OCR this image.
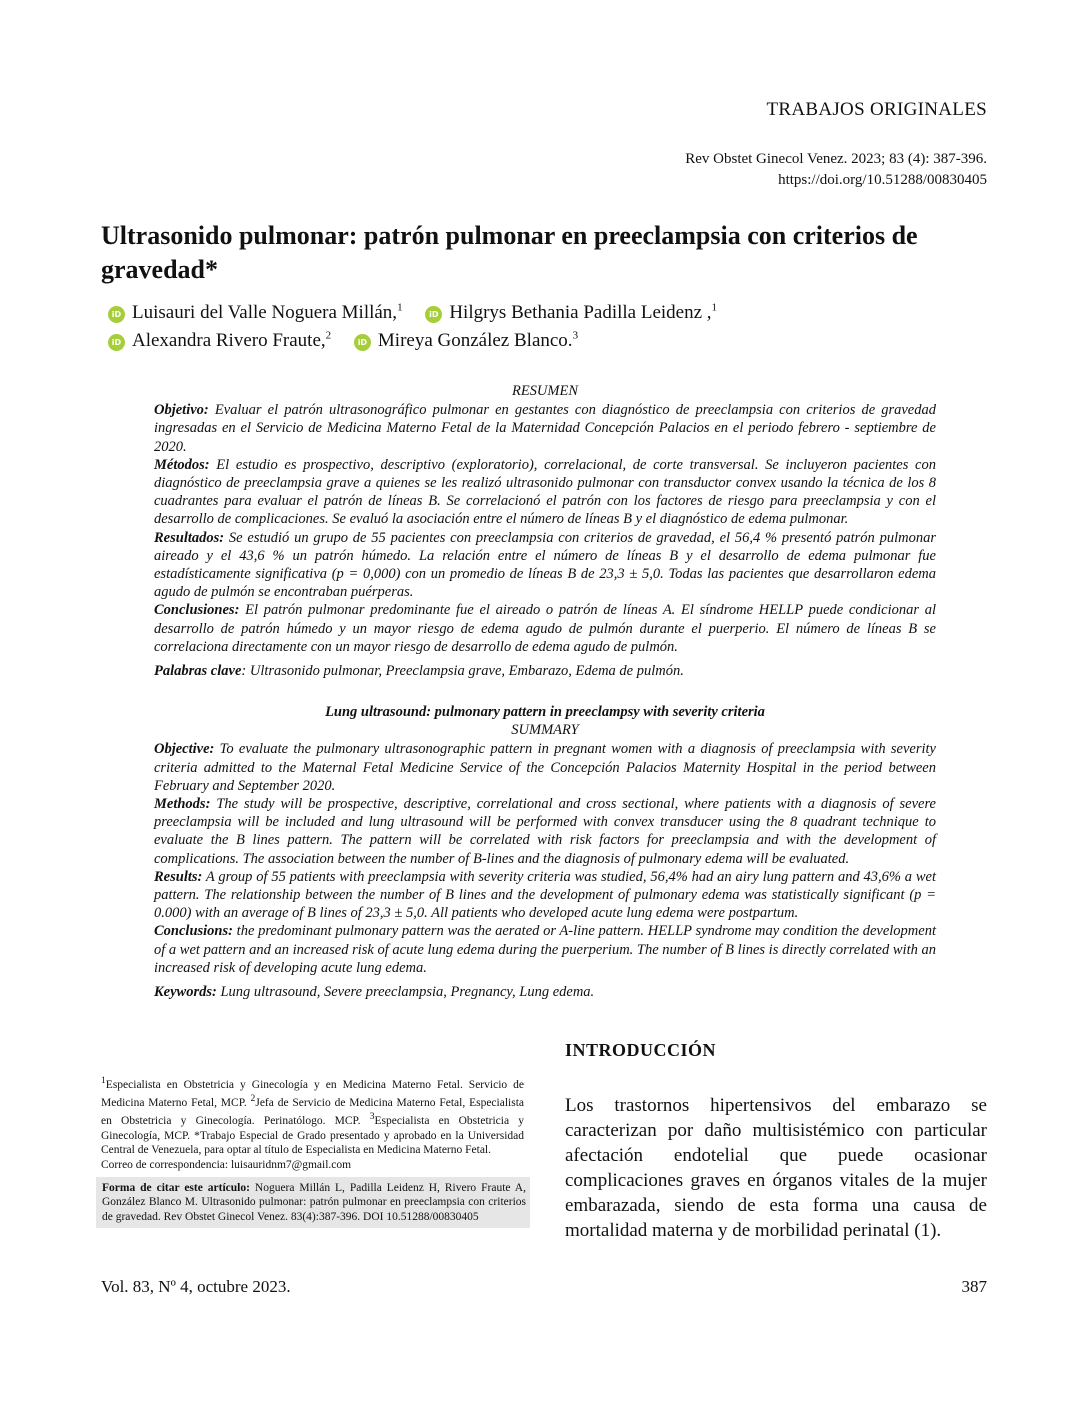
TRABAJOS ORIGINALES
Rev Obstet Ginecol Venez. 2023; 83 (4): 387-396.
https://doi.org/10.51288/00830405
Ultrasonido pulmonar: patrón pulmonar en preeclampsia con criterios de gravedad*
iD Luisauri del Valle Noguera Millán,$^1$ iD Hilgrys Bethania Padilla Leidenz ,$^1$
iD Alexandra Rivero Fraute,$^2$ iD Mireya González Blanco.$^3$

RESUMEN

Objetivo: Evaluar el patrón ultrasonográfico pulmonar en gestantes con diagnóstico de preeclampsia con criterios de gravedad ingresadas en el Servicio de Medicina Materno Fetal de la Maternidad Concepción Palacios en el periodo febrero - septiembre de 2020.

Métodos: El estudio es prospectivo, descriptivo (exploratorio), correlacional, de corte transversal. Se incluyeron pacientes con diagnóstico de preeclampsia grave a quienes se les realizó ultrasonido pulmonar con transductor convex usando la técnica de los 8 cuadrantes para evaluar el patrón de líneas B. Se correlacionó el patrón con los factores de riesgo para preeclampsia y con el desarrollo de complicaciones. Se evaluó la asociación entre el número de líneas B y el diagnóstico de edema pulmonar.

Resultados: Se estudió un grupo de 55 pacientes con preeclampsia con criterios de gravedad, el 56,4 % presentó patrón pulmonar aireado y el 43,6 % un patrón húmedo. La relación entre el número de líneas B y el desarrollo de edema pulmonar fue estadísticamente significativa (p = 0,000) con un promedio de líneas B de 23,3 ± 5,0. Todas las pacientes que desarrollaron edema agudo de pulmón se encontraban puérperas.

Conclusiones: El patrón pulmonar predominante fue el aireado o patrón de líneas A. El síndrome HELLP puede condicionar al desarrollo de patrón húmedo y un mayor riesgo de edema agudo de pulmón durante el puerperio. El número de líneas B se correlaciona directamente con un mayor riesgo de desarrollo de edema agudo de pulmón.

Palabras clave: Ultrasonido pulmonar, Preeclampsia grave, Embarazo, Edema de pulmón.

Lung ultrasound: pulmonary pattern in preeclampsy with severity criteria

SUMMARY

Objective: To evaluate the pulmonary ultrasonographic pattern in pregnant women with a diagnosis of preeclampsia with severity criteria admitted to the Maternal Fetal Medicine Service of the Concepción Palacios Maternity Hospital in the period between February and September 2020.

Methods: The study will be prospective, descriptive, correlational and cross sectional, where patients with a diagnosis of severe preeclampsia will be included and lung ultrasound will be performed with convex transducer using the 8 quadrant technique to evaluate the B lines pattern. The pattern will be correlated with risk factors for preeclampsia and with the development of complications. The association between the number of B-lines and the diagnosis of pulmonary edema will be evaluated.

Results: A group of 55 patients with preeclampsia with severity criteria was studied, 56,4% had an airy lung pattern and 43,6% a wet pattern. The relationship between the number of B lines and the development of pulmonary edema was statistically significant (p = 0.000) with an average of B lines of 23,3 ± 5,0. All patients who developed acute lung edema were postpartum.

Conclusions: the predominant pulmonary pattern was the aerated or A-line pattern. HELLP syndrome may condition the development of a wet pattern and an increased risk of acute lung edema during the puerperium. The number of B lines is directly correlated with an increased risk of developing acute lung edema.

Keywords: Lung ultrasound, Severe preeclampsia, Pregnancy, Lung edema.

INTRODUCCIÓN

Los trastornos hipertensivos del embarazo se caracterizan por daño multisistémico con particular afectación endotelial que puede ocasionar complicaciones graves en órganos vitales de la mujer embarazada, siendo de esta forma una causa de mortalidad materna y de morbilidad perinatal (1).

$^1$Especialista en Obstetricia y Ginecología y en Medicina Materno Fetal. Servicio de Medicina Materno Fetal, MCP. $^2$Jefa de Servicio de Medicina Materno Fetal, Especialista en Obstetricia y Ginecología. Perinatólogo. MCP. $^3$Especialista en Obstetricia y Ginecología, MCP. *Trabajo Especial de Grado presentado y aprobado en la Universidad Central de Venezuela, para optar al título de Especialista en Medicina Materno Fetal.
Correo de correspondencia: luisauridnm7@gmail.com

Forma de citar este artículo: Noguera Millán L, Padilla Leidenz H, Rivero Fraute A, González Blanco M. Ultrasonido pulmonar: patrón pulmonar en preeclampsia con criterios de gravedad. Rev Obstet Ginecol Venez. 83(4):387-396. DOI 10.51288/00830405
Vol. 83, Nº 4, octubre 2023.	387
